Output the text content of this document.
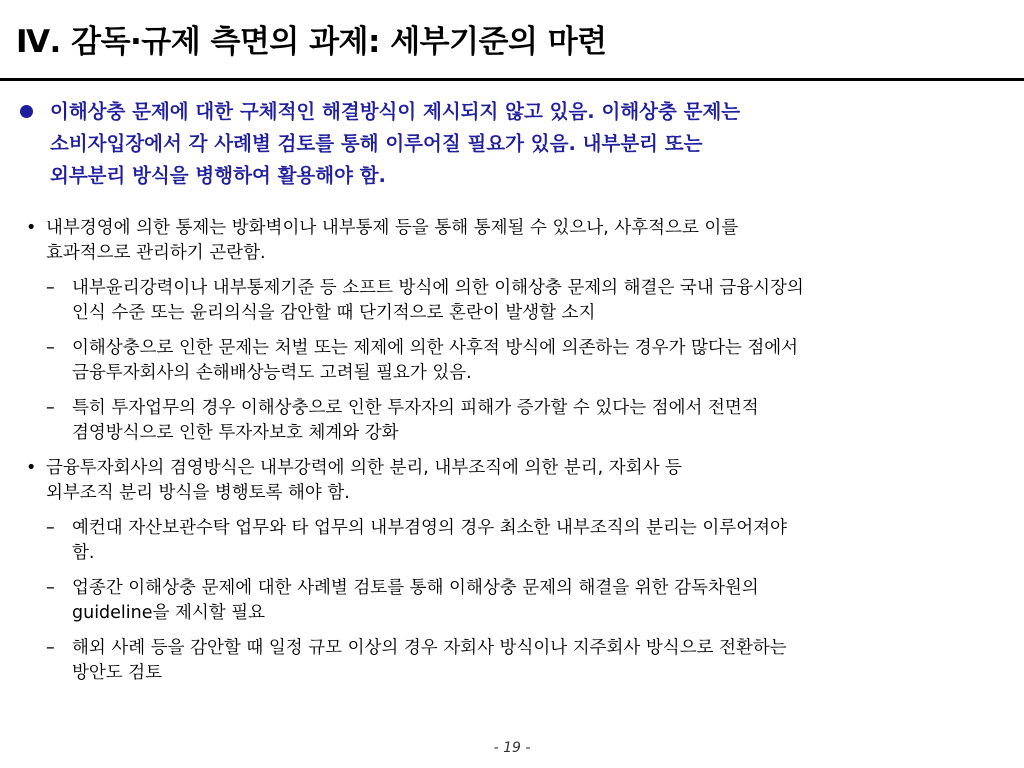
Ⅳ. 감독·규제 측면의 과제: 세부기준의 마련
이해상충 문제에 대한 구체적인 해결방식이 제시되지 않고 있음. 이해상충 문제는
소비자입장에서 각 사례별 검토를 통해 이루어질 필요가 있음. 내부분리 또는
외부분리 방식을 병행하여 활용해야 함.
• 내부경영에 의한 통제는 방화벽이나 내부통제 등을 통해 통제될 수 있으나, 사후적으로 이를
효과적으로 관리하기 곤란함.
– 내부윤리강력이나 내부통제기준 등 소프트 방식에 의한 이해상충 문제의 해결은 국내 금융시장의
인식 수준 또는 윤리의식을 감안할 때 단기적으로 혼란이 발생할 소지
– 이해상충으로 인한 문제는 처벌 또는 제제에 의한 사후적 방식에 의존하는 경우가 많다는 점에서
금융투자회사의 손해배상능력도 고려될 필요가 있음.
– 특히 투자업무의 경우 이해상충으로 인한 투자자의 피해가 증가할 수 있다는 점에서 전면적
겸영방식으로 인한 투자자보호 체계와 강화
• 금융투자회사의 겸영방식은 내부강력에 의한 분리, 내부조직에 의한 분리, 자회사 등
외부조직 분리 방식을 병행토록 해야 함.
– 예컨대 자산보관수탁 업무와 타 업무의 내부겸영의 경우 최소한 내부조직의 분리는 이루어져야
함.
– 업종간 이해상충 문제에 대한 사례별 검토를 통해 이해상충 문제의 해결을 위한 감독차원의
guideline을 제시할 필요
– 해외 사례 등을 감안할 때 일정 규모 이상의 경우 자회사 방식이나 지주회사 방식으로 전환하는
방안도 검토
- 19 -
